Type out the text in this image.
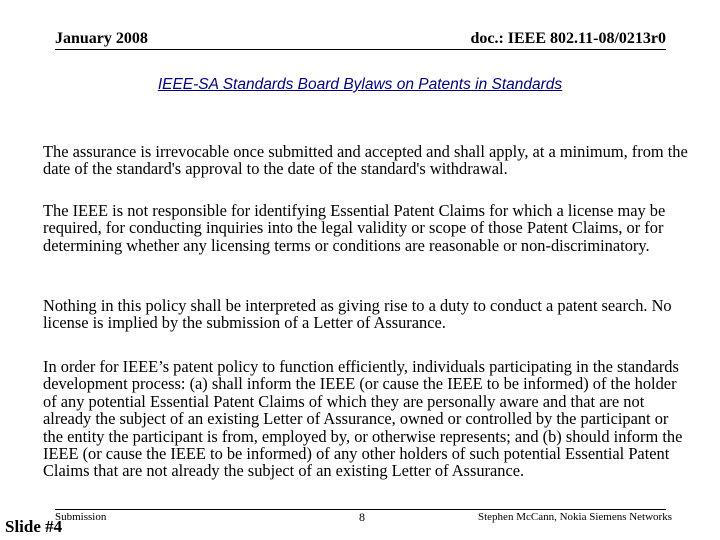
January 2008	doc.: IEEE 802.11-08/0213r0
IEEE-SA Standards Board Bylaws on Patents in Standards

The assurance is irrevocable once submitted and accepted and shall apply, at a minimum, from the date of the standard's approval to the date of the standard's withdrawal.

The IEEE is not responsible for identifying Essential Patent Claims for which a license may be required, for conducting inquiries into the legal validity or scope of those Patent Claims, or for determining whether any licensing terms or conditions are reasonable or non-discriminatory.

Nothing in this policy shall be interpreted as giving rise to a duty to conduct a patent search. No license is implied by the submission of a Letter of Assurance.

In order for IEEE’s patent policy to function efficiently, individuals participating in the standards development process: (a) shall inform the IEEE (or cause the IEEE to be informed) of the holder of any potential Essential Patent Claims of which they are personally aware and that are not already the subject of an existing Letter of Assurance, owned or controlled by the participant or the entity the participant is from, employed by, or otherwise represents; and (b) should inform the IEEE (or cause the IEEE to be informed) of any other holders of such potential Essential Patent Claims that are not already the subject of an existing Letter of Assurance.

Submission	8	Stephen McCann, Nokia Siemens Networks
Slide #4
